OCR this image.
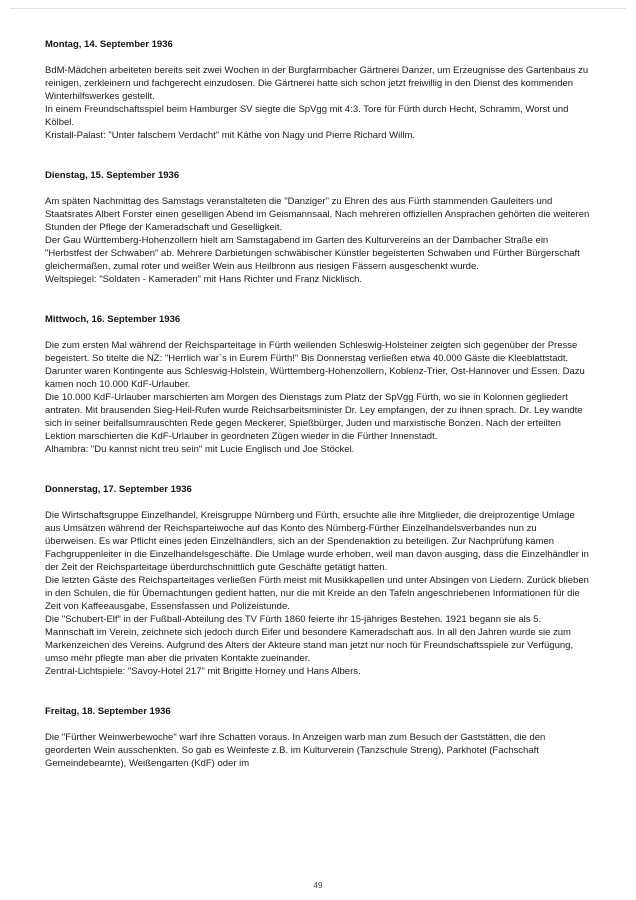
Montag, 14. September 1936

BdM-Mädchen arbeiteten bereits seit zwei Wochen in der Burgfarrnbacher Gärtnerei Danzer, um Erzeugnisse des Gartenbaus zu reinigen, zerkleinern und fachgerecht einzudosen. Die Gärtnerei hatte sich schon jetzt freiwillig in den Dienst des kommenden Winterhilfswerkes gestellt.

In einem Freundschaftsspiel beim Hamburger SV siegte die SpVgg mit 4:3. Tore für Fürth durch Hecht, Schramm, Worst und Kölbel.

Kristall-Palast: "Unter falschem Verdacht" mit Käthe von Nagy und Pierre Richard Willm.

Dienstag, 15. September 1936

Am späten Nachmittag des Samstags veranstalteten die "Danziger" zu Ehren des aus Fürth stammenden Gauleiters und Staatsrates Albert Forster einen geselligen Abend im Geismannsaal. Nach mehreren offiziellen Ansprachen gehörten die weiteren Stunden der Pflege der Kameradschaft und Geselligkeit.

Der Gau Württemberg-Hohenzollern hielt am Samstagabend im Garten des Kulturvereins an der Dambacher Straße ein "Herbstfest der Schwaben" ab. Mehrere Darbietungen schwäbischer Künstler begeisterten Schwaben und Fürther Bürgerschaft gleichermaßen, zumal roter und weißer Wein aus Heilbronn aus riesigen Fässern ausgeschenkt wurde.

Weltspiegel: "Soldaten - Kameraden" mit Hans Richter und Franz Nicklisch.

Mittwoch, 16. September 1936

Die zum ersten Mal während der Reichsparteitage in Fürth weilenden Schleswig-Holsteiner zeigten sich gegenüber der Presse begeistert. So titelte die NZ: "Herrlich war`s in Eurem Fürth!" Bis Donnerstag verließen etwa 40.000 Gäste die Kleeblattstadt. Darunter waren Kontingente aus Schleswig-Holstein, Württemberg-Hohenzollern, Koblenz-Trier, Ost-Hannover und Essen. Dazu kamen noch 10.000 KdF-Urlauber.

Die 10.000 KdF-Urlauber marschierten am Morgen des Dienstags zum Platz der SpVgg Fürth, wo sie in Kolonnen gegliedert antraten. Mit brausenden Sieg-Heil-Rufen wurde Reichsarbeitsminister Dr. Ley empfangen, der zu ihnen sprach. Dr. Ley wandte sich in seiner beifallsumrauschten Rede gegen Meckerer, Spießbürger, Juden und marxistische Bonzen. Nach der erteilten Lektion marschierten die KdF-Urlauber in geordneten Zügen wieder in die Fürther Innenstadt.

Alhambra: "Du kannst nicht treu sein" mit Lucie Englisch und Joe Stöckel.

Donnerstag, 17. September 1936

Die Wirtschaftsgruppe Einzelhandel, Kreisgruppe Nürnberg und Fürth, ersuchte alle ihre Mitglieder, die dreiprozentige Umlage aus Umsätzen während der Reichsparteiwoche auf das Konto des Nürnberg-Fürther Einzelhandelsverbandes nun zu überweisen. Es war Pflicht eines jeden Einzelhändlers, sich an der Spendenaktion zu beteiligen. Zur Nachprüfung kamen Fachgruppenleiter in die Einzelhandelsgeschäfte. Die Umlage wurde erhoben, weil man davon ausging, dass die Einzelhändler in der Zeit der Reichsparteitage überdurchschnittlich gute Geschäfte getätigt hatten.

Die letzten Gäste des Reichsparteitages verließen Fürth meist mit Musikkapellen und unter Absingen von Liedern. Zurück blieben in den Schulen, die für Übernachtungen gedient hatten, nur die mit Kreide an den Tafeln angeschriebenen Informationen für die Zeit von Kaffeeausgabe, Essensfassen und Polizeistunde.

Die "Schubert-Elf" in der Fußball-Abteilung des TV Fürth 1860 feierte ihr 15-jähriges Bestehen. 1921 begann sie als 5. Mannschaft im Verein, zeichnete sich jedoch durch Eifer und besondere Kameradschaft aus. In all den Jahren wurde sie zum Markenzeichen des Vereins. Aufgrund des Alters der Akteure stand man jetzt nur noch für Freundschaftsspiele zur Verfügung, umso mehr pflegte man aber die privaten Kontakte zueinander.

Zentral-Lichtspiele: "Savoy-Hotel 217" mit Brigitte Horney und Hans Albers.

Freitag, 18. September 1936

Die "Fürther Weinwerbewoche" warf ihre Schatten voraus. In Anzeigen warb man zum Besuch der Gaststätten, die den georderten Wein ausschenkten. So gab es Weinfeste z.B. im Kulturverein (Tanzschule Streng), Parkhotel (Fachschaft Gemeindebeamte), Weißengarten (KdF) oder im

49
